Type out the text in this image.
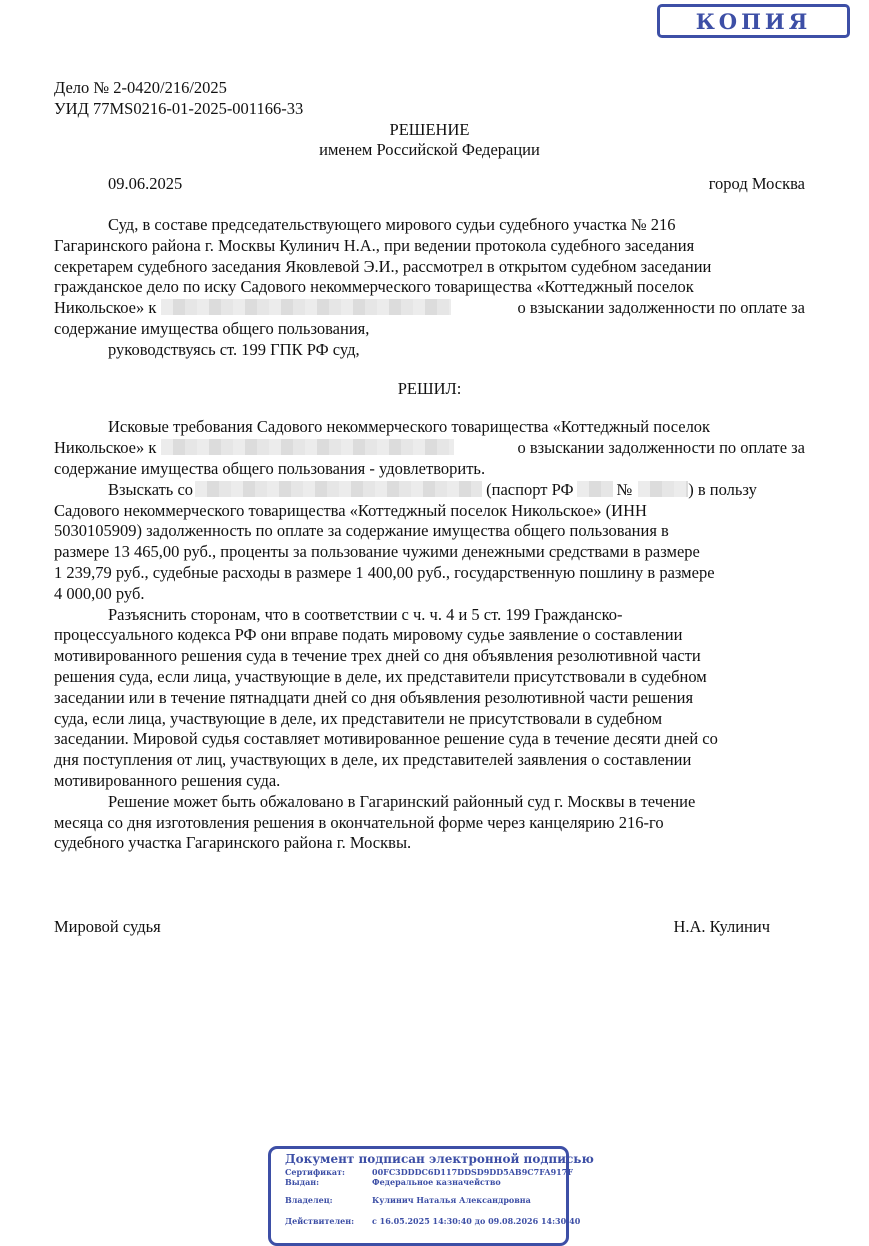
КОПИЯ
Дело № 2-0420/216/2025
УИД 77MS0216-01-2025-001166-33
РЕШЕНИЕ
именем Российской Федерации
09.06.2025	город Москва
Суд, в составе председательствующего мирового судьи судебного участка № 216
Гагаринского района г. Москвы Кулинич Н.А., при ведении протокола судебного заседания
секретарем судебного заседания Яковлевой Э.И., рассмотрел в открытом судебном заседании
гражданское дело по иску Садового некоммерческого товарищества «Коттеджный поселок
Никольское» к	о взыскании задолженности по оплате за
содержание имущества общего пользования,
руководствуясь ст. 199 ГПК РФ суд,
РЕШИЛ:
Исковые требования Садового некоммерческого товарищества «Коттеджный поселок
Никольское» к	о взыскании задолженности по оплате за
содержание имущества общего пользования - удовлетворить.
Взыскать со	(паспорт РФ	№	) в пользу
Садового некоммерческого товарищества «Коттеджный поселок Никольское» (ИНН
5030105909) задолженность по оплате за содержание имущества общего пользования в
размере 13 465,00 руб., проценты за пользование чужими денежными средствами в размере
1 239,79 руб., судебные расходы в размере 1 400,00 руб., государственную пошлину в размере
4 000,00 руб.
Разъяснить сторонам, что в соответствии с ч. ч. 4 и 5 ст. 199 Гражданско-
процессуального кодекса РФ они вправе подать мировому судье заявление о составлении
мотивированного решения суда в течение трех дней со дня объявления резолютивной части
решения суда, если лица, участвующие в деле, их представители присутствовали в судебном
заседании или в течение пятнадцати дней со дня объявления резолютивной части решения
суда, если лица, участвующие в деле, их представители не присутствовали в судебном
заседании. Мировой судья составляет мотивированное решение суда в течение десяти дней со
дня поступления от лиц, участвующих в деле, их представителей заявления о составлении
мотивированного решения суда.
Решение может быть обжаловано в Гагаринский районный суд г. Москвы в течение
месяца со дня изготовления решения в окончательной форме через канцелярию 216-го
судебного участка Гагаринского района г. Москвы.
Мировой судья	Н.А. Кулинич
Документ подписан электронной подписью
Сертификат:	00FC3DDDC6D117DDSD9DD5AB9C7FA917F
Выдан:	Федеральное казначейство
Владелец:	Кулинич Наталья Александровна
Действителен:	с 16.05.2025 14:30:40 до 09.08.2026 14:30:40
